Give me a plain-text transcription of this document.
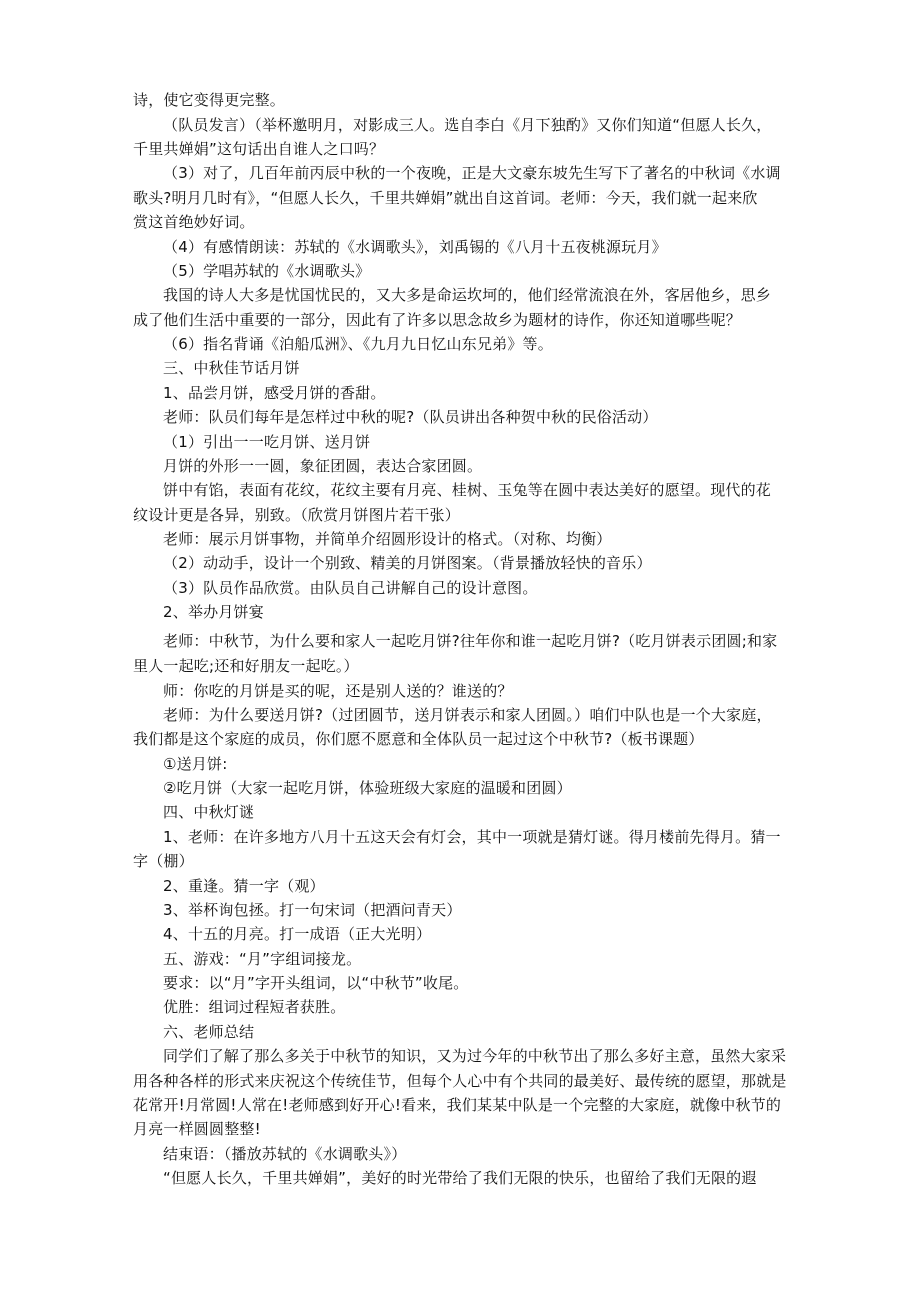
诗，使它变得更完整。
（队员发言）（举杯邀明月，对影成三人。选自李白《月下独酌》又你们知道“但愿人长久，
千里共婵娟”这句话出自谁人之口吗？
（3）对了，几百年前丙辰中秋的一个夜晚，正是大文豪东坡先生写下了著名的中秋词《水调
歌头?明月几时有》，“但愿人长久，千里共婵娟”就出自这首词。老师：今天，我们就一起来欣
赏这首绝妙好词。
（4）有感情朗读：苏轼的《水调歌头》，刘禹锡的《八月十五夜桃源玩月》
（5）学唱苏轼的《水调歌头》
我国的诗人大多是忧国忧民的，又大多是命运坎坷的，他们经常流浪在外，客居他乡，思乡
成了他们生活中重要的一部分，因此有了许多以思念故乡为题材的诗作，你还知道哪些呢？
（6）指名背诵《泊船瓜洲》、《九月九日忆山东兄弟》等。
三、中秋佳节话月饼
1、品尝月饼，感受月饼的香甜。
老师：队员们每年是怎样过中秋的呢?（队员讲出各种贺中秋的民俗活动）
（1）引出一一吃月饼、送月饼
月饼的外形一一圆，象征团圆，表达合家团圆。
饼中有馅，表面有花纹，花纹主要有月亮、桂树、玉兔等在圆中表达美好的愿望。现代的花
纹设计更是各异，别致。（欣赏月饼图片若干张）
老师：展示月饼事物，并简单介绍圆形设计的格式。（对称、均衡）
（2）动动手，设计一个别致、精美的月饼图案。（背景播放轻快的音乐）
（3）队员作品欣赏。由队员自己讲解自己的设计意图。
2、举办月饼宴
老师：中秋节，为什么要和家人一起吃月饼?往年你和谁一起吃月饼?（吃月饼表示团圆;和家
里人一起吃;还和好朋友一起吃。）
师：你吃的月饼是买的呢，还是别人送的？谁送的？
老师：为什么要送月饼?（过团圆节，送月饼表示和家人团圆。）咱们中队也是一个大家庭，
我们都是这个家庭的成员，你们愿不愿意和全体队员一起过这个中秋节?（板书课题）
①送月饼:
②吃月饼（大家一起吃月饼，体验班级大家庭的温暖和团圆）
四、中秋灯谜
1、老师：在许多地方八月十五这天会有灯会，其中一项就是猜灯谜。得月楼前先得月。猜一
字（棚）
2、重逢。猜一字（观）
3、举杯询包拯。打一句宋词（把酒问青天）
4、十五的月亮。打一成语（正大光明）
五、游戏：“月”字组词接龙。
要求：以“月”字开头组词，以“中秋节”收尾。
优胜：组词过程短者获胜。
六、老师总结
同学们了解了那么多关于中秋节的知识，又为过今年的中秋节出了那么多好主意，虽然大家采
用各种各样的形式来庆祝这个传统佳节，但每个人心中有个共同的最美好、最传统的愿望，那就是
花常开!月常圆!人常在!老师感到好开心!看来，我们某某中队是一个完整的大家庭，就像中秋节的
月亮一样圆圆整整!
结束语：（播放苏轼的《水调歌头》）
“但愿人长久，千里共婵娟”，美好的时光带给了我们无限的快乐，也留给了我们无限的遐
